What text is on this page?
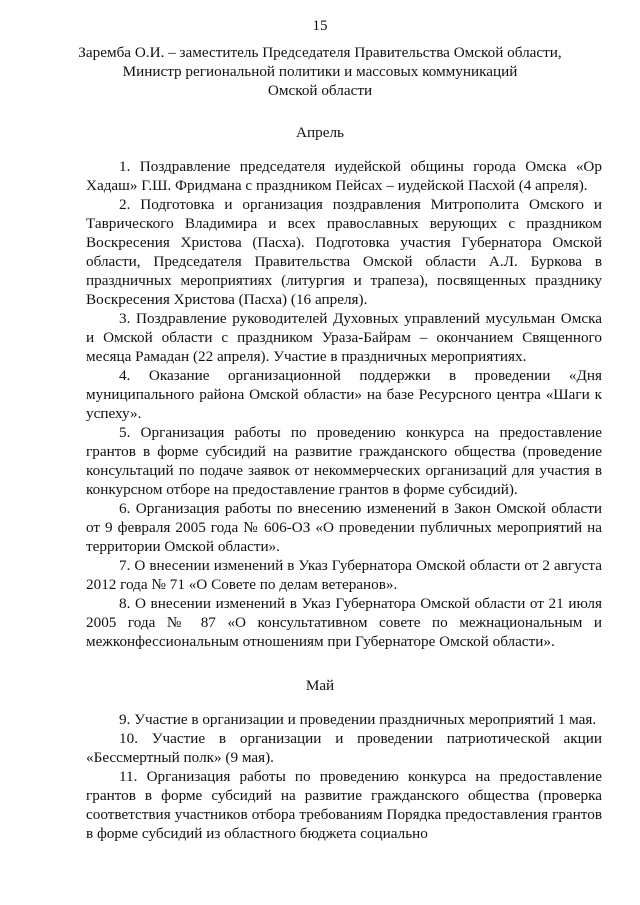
15
Заремба О.И. – заместитель Председателя Правительства Омской области,
Министр региональной политики и массовых коммуникаций
Омской области
Апрель

1. Поздравление председателя иудейской общины города Омска «Ор Хадаш» Г.Ш. Фридмана с праздником Пейсах – иудейской Пасхой (4 апреля).

2. Подготовка и организация поздравления Митрополита Омского и Таврического Владимира и всех православных верующих с праздником Воскресения Христова (Пасха). Подготовка участия Губернатора Омской области, Председателя Правительства Омской области А.Л. Буркова в праздничных мероприятиях (литургия и трапеза), посвященных празднику Воскресения Христова (Пасха) (16 апреля).

3. Поздравление руководителей Духовных управлений мусульман Омска и Омской области с праздником Ураза-Байрам – окончанием Священного месяца Рамадан (22 апреля). Участие в праздничных мероприятиях.

4. Оказание организационной поддержки в проведении «Дня муниципального района Омской области» на базе Ресурсного центра «Шаги к успеху».

5. Организация работы по проведению конкурса на предоставление грантов в форме субсидий на развитие гражданского общества (проведение консультаций по подаче заявок от некоммерческих организаций для участия в конкурсном отборе на предоставление грантов в форме субсидий).

6. Организация работы по внесению изменений в Закон Омской области от 9 февраля 2005 года № 606-ОЗ «О проведении публичных мероприятий на территории Омской области».

7. О внесении изменений в Указ Губернатора Омской области от 2 августа 2012 года № 71 «О Совете по делам ветеранов».

8. О внесении изменений в Указ Губернатора Омской области от 21 июля 2005 года № 87 «О консультативном совете по межнациональным и межконфессиональным отношениям при Губернаторе Омской области».

Май

9. Участие в организации и проведении праздничных мероприятий 1 мая.

10. Участие в организации и проведении патриотической акции «Бессмертный полк» (9 мая).

11. Организация работы по проведению конкурса на предоставление грантов в форме субсидий на развитие гражданского общества (проверка соответствия участников отбора требованиям Порядка предоставления грантов в форме субсидий из областного бюджета социально
